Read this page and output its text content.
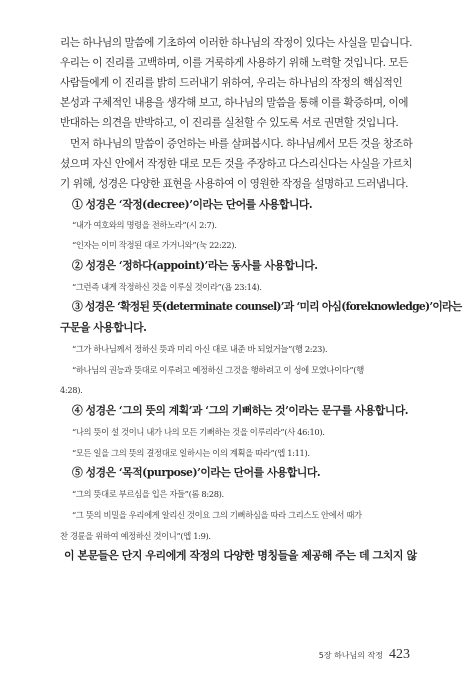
리는 하나님의 말씀에 기초하여 이러한 하나님의 작정이 있다는 사실을 믿습니다.
우리는 이 진리를 고백하며, 이를 거룩하게 사용하기 위해 노력할 것입니다. 모든
사람들에게 이 진리를 밝히 드러내기 위하여, 우리는 하나님의 작정의 핵심적인
본성과 구체적인 내용을 생각해 보고, 하나님의 말씀을 통해 이를 확증하며, 이에
반대하는 의견을 반박하고, 이 진리를 실천할 수 있도록 서로 권면할 것입니다.
먼저 하나님의 말씀이 증언하는 바를 살펴봅시다. 하나님께서 모든 것을 창조하
셨으며 자신 안에서 작정한 대로 모든 것을 주장하고 다스리신다는 사실을 가르치
기 위해, 성경은 다양한 표현을 사용하여 이 영원한 작정을 설명하고 드러냅니다.
① 성경은 ‘작정(decree)’이라는 단어를 사용합니다.
“내가 여호와의 명령을 전하노라”(시 2:7).
“인자는 이미 작정된 대로 가거니와”(눅 22:22).
② 성경은 ‘정하다(appoint)’라는 동사를 사용합니다.
“그런즉 내게 작정하신 것을 이루실 것이라”(욥 23:14).
③ 성경은 ‘확정된 뜻(determinate counsel)’과 ‘미리 아심(foreknowledge)’이라는
구문을 사용합니다.
“그가 하나님께서 정하신 뜻과 미리 아신 대로 내준 바 되었거늘”(행 2:23).
“하나님의 권능과 뜻대로 이루려고 예정하신 그것을 행하려고 이 성에 모였나이다”(행
4:28).
④ 성경은 ‘그의 뜻의 계획’과 ‘그의 기뻐하는 것’이라는 문구를 사용합니다.
“나의 뜻이 설 것이니 내가 나의 모든 기뻐하는 것을 이루리라”(사 46:10).
“모든 일을 그의 뜻의 결정대로 일하시는 이의 계획을 따라”(엡 1:11).
⑤ 성경은 ‘목적(purpose)’이라는 단어를 사용합니다.
“그의 뜻대로 부르심을 입은 자들”(롬 8:28).
“그 뜻의 비밀을 우리에게 알리신 것이요 그의 기뻐하심을 따라 그리스도 안에서 때가
찬 경륜을 위하여 예정하신 것이니”(엡 1:9).
이 본문들은 단지 우리에게 작정의 다양한 명칭들을 제공해 주는 데 그치지 않
5장 하나님의 작정 423
